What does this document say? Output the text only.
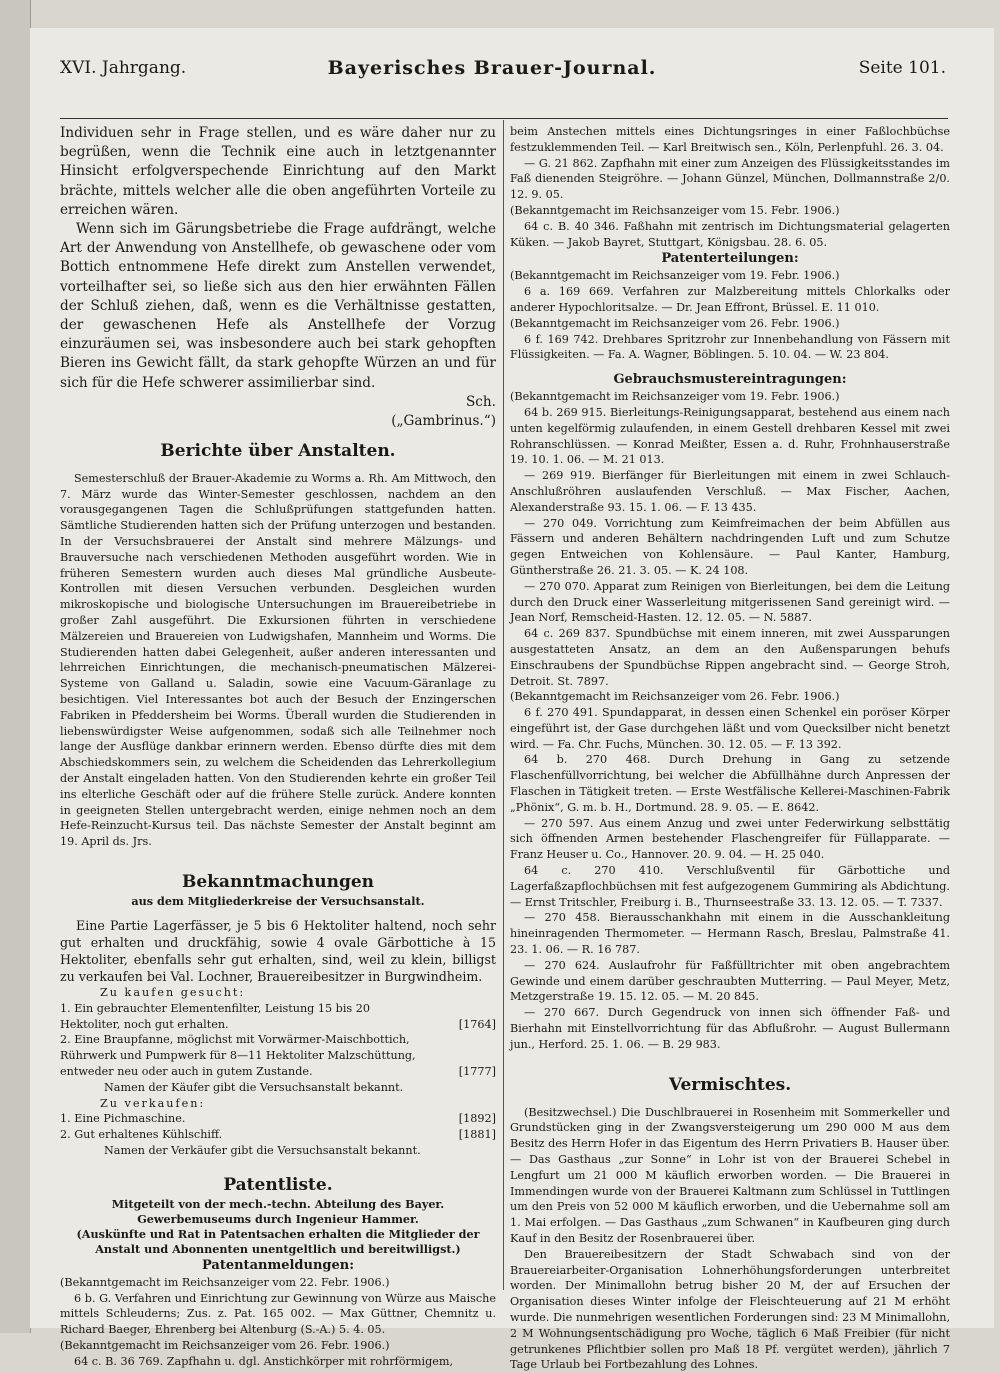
XVI. Jahrgang.	Bayerisches Brauer-Journal.	Seite 101.

Individuen sehr in Frage stellen, und es wäre daher nur zu begrüßen, wenn die Technik eine auch in letztgenannter Hinsicht erfolgverspechende Einrichtung auf den Markt brächte, mittels welcher alle die oben angeführten Vorteile zu erreichen wären.

Wenn sich im Gärungsbetriebe die Frage aufdrängt, welche Art der Anwendung von Anstellhefe, ob gewaschene oder vom Bottich entnommene Hefe direkt zum Anstellen verwendet, vorteilhafter sei, so ließe sich aus den hier erwähnten Fällen der Schluß ziehen, daß, wenn es die Verhältnisse gestatten, der gewaschenen Hefe als Anstellhefe der Vorzug einzuräumen sei, was insbesondere auch bei stark gehopften Bieren ins Gewicht fällt, da stark gehopfte Würzen an und für sich für die Hefe schwerer assimilierbar sind.

Sch.

(„Gambrinus.“)

Berichte über Anstalten.

Semesterschluß der Brauer-Akademie zu Worms a. Rh. Am Mittwoch, den 7. März wurde das Winter-Semester geschlossen, nachdem an den vorausgegangenen Tagen die Schlußprüfungen stattgefunden hatten. Sämtliche Studierenden hatten sich der Prüfung unterzogen und bestanden. In der Versuchsbrauerei der Anstalt sind mehrere Mälzungs- und Brauversuche nach verschiedenen Methoden ausgeführt worden. Wie in früheren Semestern wurden auch dieses Mal gründliche Ausbeute-Kontrollen mit diesen Versuchen verbunden. Desgleichen wurden mikroskopische und biologische Untersuchungen im Brauereibetriebe in großer Zahl ausgeführt. Die Exkursionen führten in verschiedene Mälzereien und Brauereien von Ludwigshafen, Mannheim und Worms. Die Studierenden hatten dabei Gelegenheit, außer anderen interessanten und lehrreichen Einrichtungen, die mechanisch-pneumatischen Mälzerei-Systeme von Galland u. Saladin, sowie eine Vacuum-Gäranlage zu besichtigen. Viel Interessantes bot auch der Besuch der Enzingerschen Fabriken in Pfeddersheim bei Worms. Überall wurden die Studierenden in liebenswürdigster Weise aufgenommen, sodaß sich alle Teilnehmer noch lange der Ausflüge dankbar erinnern werden. Ebenso dürfte dies mit dem Abschiedskommers sein, zu welchem die Scheidenden das Lehrerkollegium der Anstalt eingeladen hatten. Von den Studierenden kehrte ein großer Teil ins elterliche Geschäft oder auf die frühere Stelle zurück. Andere konnten in geeigneten Stellen untergebracht werden, einige nehmen noch an dem Hefe-Reinzucht-Kursus teil. Das nächste Semester der Anstalt beginnt am 19. April ds. Jrs.

Bekanntmachungen

aus dem Mitgliederkreise der Versuchsanstalt.

Eine Partie Lagerfässer, je 5 bis 6 Hektoliter haltend, noch sehr gut erhalten und druckfähig, sowie 4 ovale Gärbottiche à 15 Hektoliter, ebenfalls sehr gut erhalten, sind, weil zu klein, billigst zu verkaufen bei Val. Lochner, Brauereibesitzer in Burgwindheim.

Zu kaufen gesucht:

1. Ein gebrauchter Elementenfilter, Leistung 15 bis 20 Hektoliter, noch gut erhalten.	[1764]
2. Eine Braupfanne, möglichst mit Vorwärmer-Maischbottich, Rührwerk und Pumpwerk für 8—11 Hektoliter Malzschüttung, entweder neu oder auch in gutem Zustande.	[1777]

Namen der Käufer gibt die Versuchsanstalt bekannt.

Zu verkaufen:

1. Eine Pichmaschine.	[1892]
2. Gut erhaltenes Kühlschiff.	[1881]

Namen der Verkäufer gibt die Versuchsanstalt bekannt.

Patentliste.

Mitgeteilt von der mech.-techn. Abteilung des Bayer. Gewerbemuseums durch Ingenieur Hammer.

(Auskünfte und Rat in Patentsachen erhalten die Mitglieder der Anstalt und Abonnenten unentgeltlich und bereitwilligst.)

Patentanmeldungen:

(Bekanntgemacht im Reichsanzeiger vom 22. Febr. 1906.)

6 b. G. Verfahren und Einrichtung zur Gewinnung von Würze aus Maische mittels Schleuderns; Zus. z. Pat. 165 002. — Max Güttner, Chemnitz u. Richard Baeger, Ehrenberg bei Altenburg (S.-A.) 5. 4. 05.

(Bekanntgemacht im Reichsanzeiger vom 26. Febr. 1906.)

64 c. B. 36 769. Zapfhahn u. dgl. Anstichkörper mit rohrförmigem,

beim Anstechen mittels eines Dichtungsringes in einer Faßlochbüchse festzuklemmenden Teil. — Karl Breitwisch sen., Köln, Perlenpfuhl. 26. 3. 04.

— G. 21 862. Zapfhahn mit einer zum Anzeigen des Flüssigkeitsstandes im Faß dienenden Steigröhre. — Johann Günzel, München, Dollmannstraße 2/0. 12. 9. 05.

(Bekanntgemacht im Reichsanzeiger vom 15. Febr. 1906.)

64 c. B. 40 346. Faßhahn mit zentrisch im Dichtungsmaterial gelagerten Küken. — Jakob Bayret, Stuttgart, Königsbau. 28. 6. 05.

Patenterteilungen:

(Bekanntgemacht im Reichsanzeiger vom 19. Febr. 1906.)

6 a. 169 669. Verfahren zur Malzbereitung mittels Chlorkalks oder anderer Hypochloritsalze. — Dr. Jean Effront, Brüssel. E. 11 010.

(Bekanntgemacht im Reichsanzeiger vom 26. Febr. 1906.)

6 f. 169 742. Drehbares Spritzrohr zur Innenbehandlung von Fässern mit Flüssigkeiten. — Fa. A. Wagner, Böblingen. 5. 10. 04. — W. 23 804.

Gebrauchsmustereintragungen:

(Bekanntgemacht im Reichsanzeiger vom 19. Febr. 1906.)

64 b. 269 915. Bierleitungs-Reinigungsapparat, bestehend aus einem nach unten kegelförmig zulaufenden, in einem Gestell drehbaren Kessel mit zwei Rohranschlüssen. — Konrad Meißter, Essen a. d. Ruhr, Frohnhauserstraße 19. 10. 1. 06. — M. 21 013.

— 269 919. Bierfänger für Bierleitungen mit einem in zwei Schlauch-Anschlußröhren auslaufenden Verschluß. — Max Fischer, Aachen, Alexanderstraße 93. 15. 1. 06. — F. 13 435.

— 270 049. Vorrichtung zum Keimfreimachen der beim Abfüllen aus Fässern und anderen Behältern nachdringenden Luft und zum Schutze gegen Entweichen von Kohlensäure. — Paul Kanter, Hamburg, Güntherstraße 26. 21. 3. 05. — K. 24 108.

— 270 070. Apparat zum Reinigen von Bierleitungen, bei dem die Leitung durch den Druck einer Wasserleitung mitgerissenen Sand gereinigt wird. — Jean Norf, Remscheid-Hasten. 12. 12. 05. — N. 5887.

64 c. 269 837. Spundbüchse mit einem inneren, mit zwei Aussparungen ausgestatteten Ansatz, an dem an den Außensparungen behufs Einschraubens der Spundbüchse Rippen angebracht sind. — George Stroh, Detroit. St. 7897.

(Bekanntgemacht im Reichsanzeiger vom 26. Febr. 1906.)

6 f. 270 491. Spundapparat, in dessen einen Schenkel ein poröser Körper eingeführt ist, der Gase durchgehen läßt und vom Quecksilber nicht benetzt wird. — Fa. Chr. Fuchs, München. 30. 12. 05. — F. 13 392.

64 b. 270 468. Durch Drehung in Gang zu setzende Flaschenfüllvorrichtung, bei welcher die Abfüllhähne durch Anpressen der Flaschen in Tätigkeit treten. — Erste Westfälische Kellerei-Maschinen-Fabrik „Phönix“, G. m. b. H., Dortmund. 28. 9. 05. — E. 8642.

— 270 597. Aus einem Anzug und zwei unter Federwirkung selbsttätig sich öffnenden Armen bestehender Flaschengreifer für Füllapparate. — Franz Heuser u. Co., Hannover. 20. 9. 04. — H. 25 040.

64 c. 270 410. Verschlußventil für Gärbottiche und Lagerfaßzapflochbüchsen mit fest aufgezogenem Gummiring als Abdichtung. — Ernst Tritschler, Freiburg i. B., Thurnseestraße 33. 13. 12. 05. — T. 7337.

— 270 458. Bierausschankhahn mit einem in die Ausschankleitung hineinragenden Thermometer. — Hermann Rasch, Breslau, Palmstraße 41. 23. 1. 06. — R. 16 787.

— 270 624. Auslaufrohr für Faßfülltrichter mit oben angebrachtem Gewinde und einem darüber geschraubten Mutterring. — Paul Meyer, Metz, Metzgerstraße 19. 15. 12. 05. — M. 20 845.

— 270 667. Durch Gegendruck von innen sich öffnender Faß- und Bierhahn mit Einstellvorrichtung für das Abflußrohr. — August Bullermann jun., Herford. 25. 1. 06. — B. 29 983.

Vermischtes.

(Besitzwechsel.) Die Duschlbrauerei in Rosenheim mit Sommerkeller und Grundstücken ging in der Zwangsversteigerung um 290 000 M aus dem Besitz des Herrn Hofer in das Eigentum des Herrn Privatiers B. Hauser über. — Das Gasthaus „zur Sonne“ in Lohr ist von der Brauerei Schebel in Lengfurt um 21 000 M käuflich erworben worden. — Die Brauerei in Immendingen wurde von der Brauerei Kaltmann zum Schlüssel in Tuttlingen um den Preis von 52 000 M käuflich erworben, und die Uebernahme soll am 1. Mai erfolgen. — Das Gasthaus „zum Schwanen“ in Kaufbeuren ging durch Kauf in den Besitz der Rosenbrauerei über.

Den Brauereibesitzern der Stadt Schwabach sind von der Brauereiarbeiter-Organisation Lohnerhöhungsforderungen unterbreitet worden. Der Minimallohn betrug bisher 20 M, der auf Ersuchen der Organisation dieses Winter infolge der Fleischteuerung auf 21 M erhöht wurde. Die nunmehrigen wesentlichen Forderungen sind: 23 M Minimallohn, 2 M Wohnungsentschädigung pro Woche, täglich 6 Maß Freibier (für nicht getrunkenes Pflichtbier sollen pro Maß 18 Pf. vergütet werden), jährlich 7 Tage Urlaub bei Fortbezahlung des Lohnes.
